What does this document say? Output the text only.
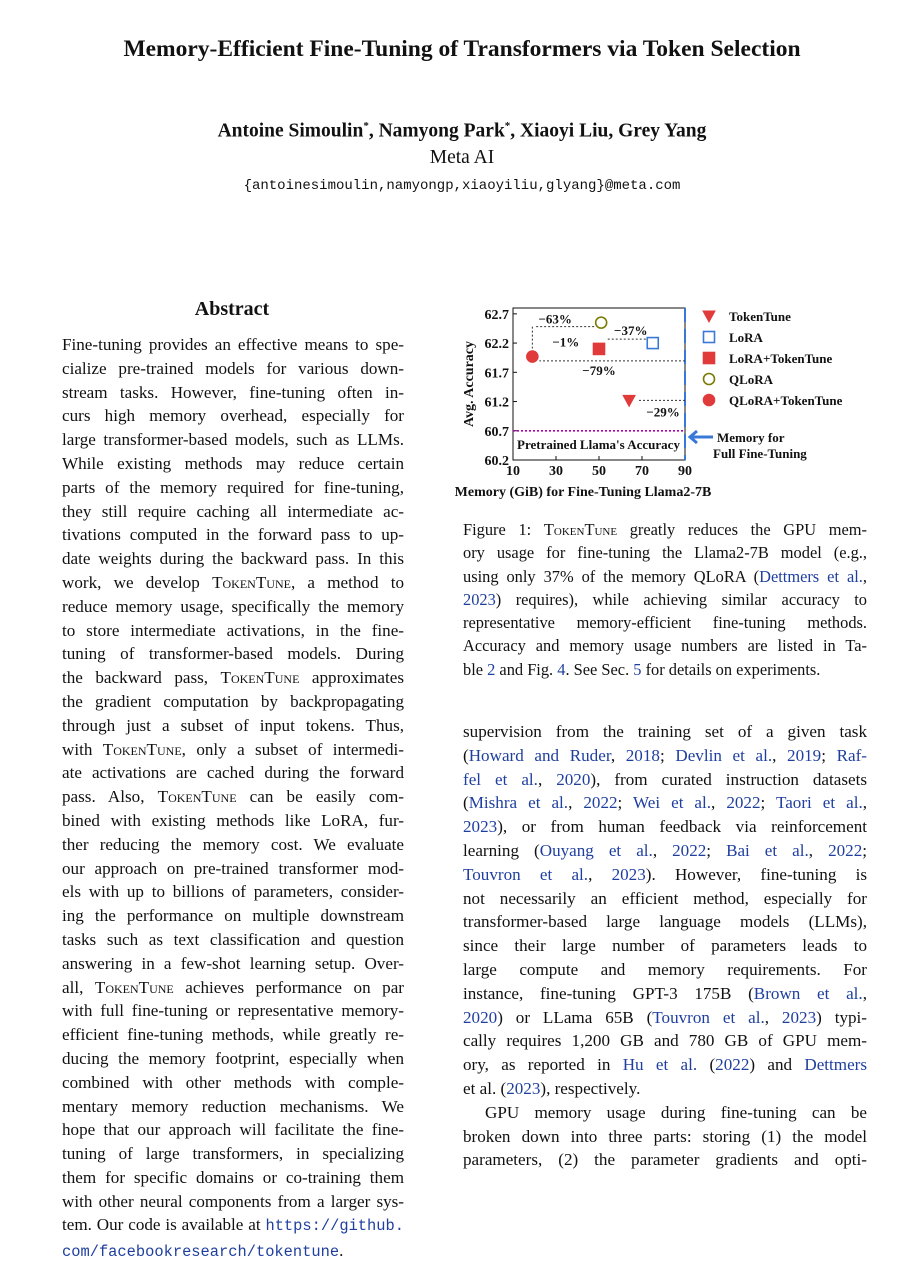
Memory-Efficient Fine-Tuning of Transformers via Token Selection
Antoine Simoulin*, Namyong Park*, Xiaoyi Liu, Grey Yang
Meta AI
{antoinesimoulin,namyongp,xiaoyiliu,glyang}@meta.com
Abstract
Fine-tuning provides an effective means to spe-
cialize pre-trained models for various down-
stream tasks. However, fine-tuning often in-
curs high memory overhead, especially for
large transformer-based models, such as LLMs.
While existing methods may reduce certain
parts of the memory required for fine-tuning,
they still require caching all intermediate ac-
tivations computed in the forward pass to up-
date weights during the backward pass. In this
work, we develop TokenTune, a method to
reduce memory usage, specifically the memory
to store intermediate activations, in the fine-
tuning of transformer-based models. During
the backward pass, TokenTune approximates
the gradient computation by backpropagating
through just a subset of input tokens. Thus,
with TokenTune, only a subset of intermedi-
ate activations are cached during the forward
pass. Also, TokenTune can be easily com-
bined with existing methods like LoRA, fur-
ther reducing the memory cost. We evaluate
our approach on pre-trained transformer mod-
els with up to billions of parameters, consider-
ing the performance on multiple downstream
tasks such as text classification and question
answering in a few-shot learning setup. Over-
all, TokenTune achieves performance on par
with full fine-tuning or representative memory-
efficient fine-tuning methods, while greatly re-
ducing the memory footprint, especially when
combined with other methods with comple-
mentary memory reduction mechanisms. We
hope that our approach will facilitate the fine-
tuning of large transformers, in specializing
them for specific domains or co-training them
with other neural components from a larger sys-
tem. Our code is available at https://github.
com/facebookresearch/tokentune.
60.2
60.7
61.2
61.7
62.2
62.7
10 30 50 70 90
Memory (GiB) for Fine-Tuning Llama2-7B
Avg. Accuracy
Pretrained Llama's Accuracy	Memory for
Full Fine-Tuning
−63%
−1%
−37%
−79%
−29%
TokenTune
LoRA
LoRA+TokenTune
QLoRA
QLoRA+TokenTune
Figure 1: TokenTune greatly reduces the GPU mem-
ory usage for fine-tuning the Llama2-7B model (e.g.,
using only 37% of the memory QLoRA (Dettmers et al.,
2023) requires), while achieving similar accuracy to
representative memory-efficient fine-tuning methods.
Accuracy and memory usage numbers are listed in Ta-
ble 2 and Fig. 4. See Sec. 5 for details on experiments.
supervision from the training set of a given task
(Howard and Ruder, 2018; Devlin et al., 2019; Raf-
fel et al., 2020), from curated instruction datasets
(Mishra et al., 2022; Wei et al., 2022; Taori et al.,
2023), or from human feedback via reinforcement
learning (Ouyang et al., 2022; Bai et al., 2022;
Touvron et al., 2023). However, fine-tuning is
not necessarily an efficient method, especially for
transformer-based large language models (LLMs),
since their large number of parameters leads to
large compute and memory requirements. For
instance, fine-tuning GPT-3 175B (Brown et al.,
2020) or LLama 65B (Touvron et al., 2023) typi-
cally requires 1,200 GB and 780 GB of GPU mem-
ory, as reported in Hu et al. (2022) and Dettmers
et al. (2023), respectively.
GPU memory usage during fine-tuning can be
broken down into three parts: storing (1) the model
parameters, (2) the parameter gradients and opti-
